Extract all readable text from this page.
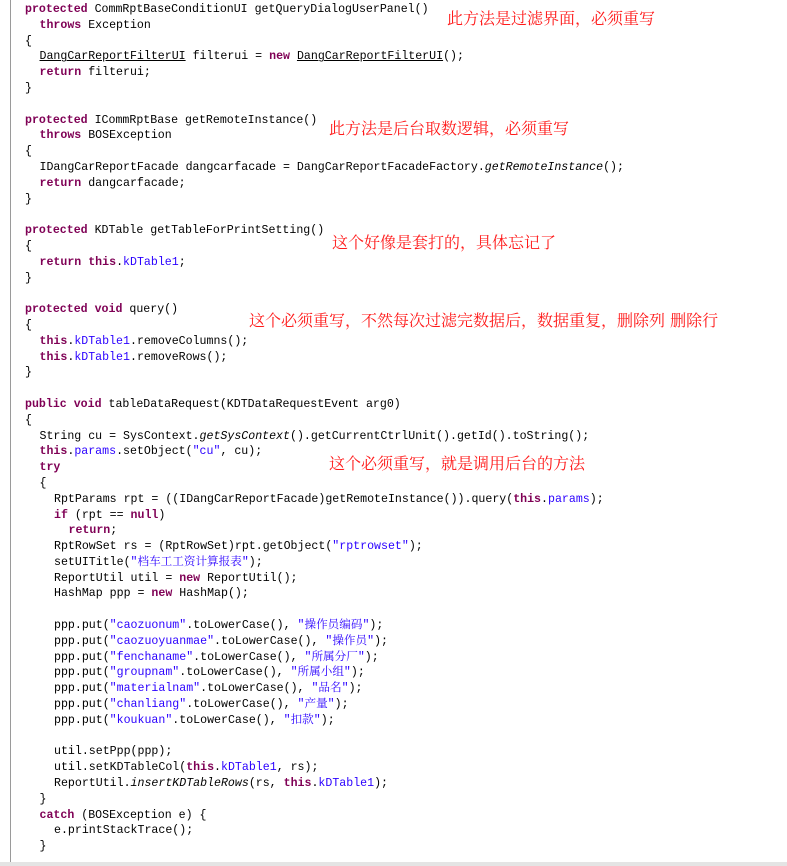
protected CommRptBaseConditionUI getQueryDialogUserPanel()
throws Exception
{
DangCarReportFilterUI filterui = new DangCarReportFilterUI();
return filterui;
}
protected ICommRptBase getRemoteInstance()
throws BOSException
{
IDangCarReportFacade dangcarfacade = DangCarReportFacadeFactory.getRemoteInstance();
return dangcarfacade;
}
protected KDTable getTableForPrintSetting()
{
return this.kDTable1;
}
protected void query()
{
this.kDTable1.removeColumns();
this.kDTable1.removeRows();
}
public void tableDataRequest(KDTDataRequestEvent arg0)
{
String cu = SysContext.getSysContext().getCurrentCtrlUnit().getId().toString();
this.params.setObject("cu", cu);
try
{
RptParams rpt = ((IDangCarReportFacade)getRemoteInstance()).query(this.params);
if (rpt == null)
return;
RptRowSet rs = (RptRowSet)rpt.getObject("rptrowset");
setUITitle("档车工工资计算报表");
ReportUtil util = new ReportUtil();
HashMap ppp = new HashMap();
ppp.put("caozuonum".toLowerCase(), "操作员编码");
ppp.put("caozuoyuanmae".toLowerCase(), "操作员");
ppp.put("fenchaname".toLowerCase(), "所属分厂");
ppp.put("groupnam".toLowerCase(), "所属小组");
ppp.put("materialnam".toLowerCase(), "品名");
ppp.put("chanliang".toLowerCase(), "产量");
ppp.put("koukuan".toLowerCase(), "扣款");
util.setPpp(ppp);
util.setKDTableCol(this.kDTable1, rs);
ReportUtil.insertKDTableRows(rs, this.kDTable1);
}
catch (BOSException e) {
e.printStackTrace();
}
此方法是过滤界面，必须重写
此方法是后台取数逻辑，必须重写
这个好像是套打的，具体忘记了
这个必须重写，不然每次过滤完数据后，数据重复，删除列 删除行
这个必须重写，就是调用后台的方法
